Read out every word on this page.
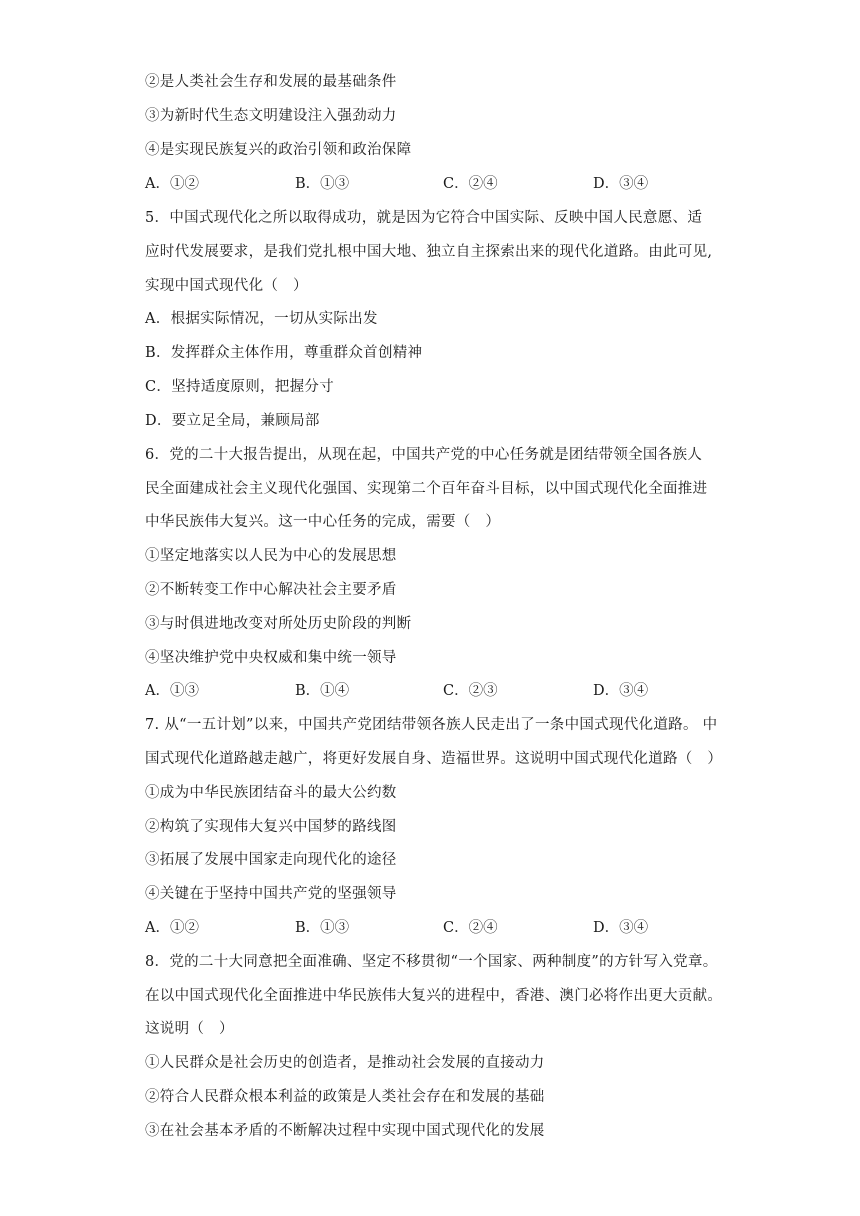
②是人类社会生存和发展的最基础条件
③为新时代生态文明建设注入强劲动力
④是实现民族复兴的政治引领和政治保障
A．①②	B．①③	C．②④	D．③④
5．中国式现代化之所以取得成功，就是因为它符合中国实际、反映中国人民意愿、适
应时代发展要求，是我们党扎根中国大地、独立自主探索出来的现代化道路。由此可见,
实现中国式现代化（　）
A．根据实际情况，一切从实际出发
B．发挥群众主体作用，尊重群众首创精神
C．坚持适度原则，把握分寸
D．要立足全局，兼顾局部
6．党的二十大报告提出，从现在起，中国共产党的中心任务就是团结带领全国各族人
民全面建成社会主义现代化强国、实现第二个百年奋斗目标，以中国式现代化全面推进
中华民族伟大复兴。这一中心任务的完成，需要（　）
①坚定地落实以人民为中心的发展思想
②不断转变工作中心解决社会主要矛盾
③与时俱进地改变对所处历史阶段的判断
④坚决维护党中央权威和集中统一领导
A．①③	B．①④	C．②③	D．③④
7. 从“一五计划”以来，中国共产党团结带领各族人民走出了一条中国式现代化道路。 中
国式现代化道路越走越广，将更好发展自身、造福世界。这说明中国式现代化道路（　）
①成为中华民族团结奋斗的最大公约数
②构筑了实现伟大复兴中国梦的路线图
③拓展了发展中国家走向现代化的途径
④关键在于坚持中国共产党的坚强领导
A．①②	B．①③	C．②④	D．③④
8．党的二十大同意把全面准确、坚定不移贯彻“一个国家、两种制度”的方针写入党章。
在以中国式现代化全面推进中华民族伟大复兴的进程中，香港、澳门必将作出更大贡献。
这说明（　）
①人民群众是社会历史的创造者，是推动社会发展的直接动力
②符合人民群众根本利益的政策是人类社会存在和发展的基础
③在社会基本矛盾的不断解决过程中实现中国式现代化的发展
